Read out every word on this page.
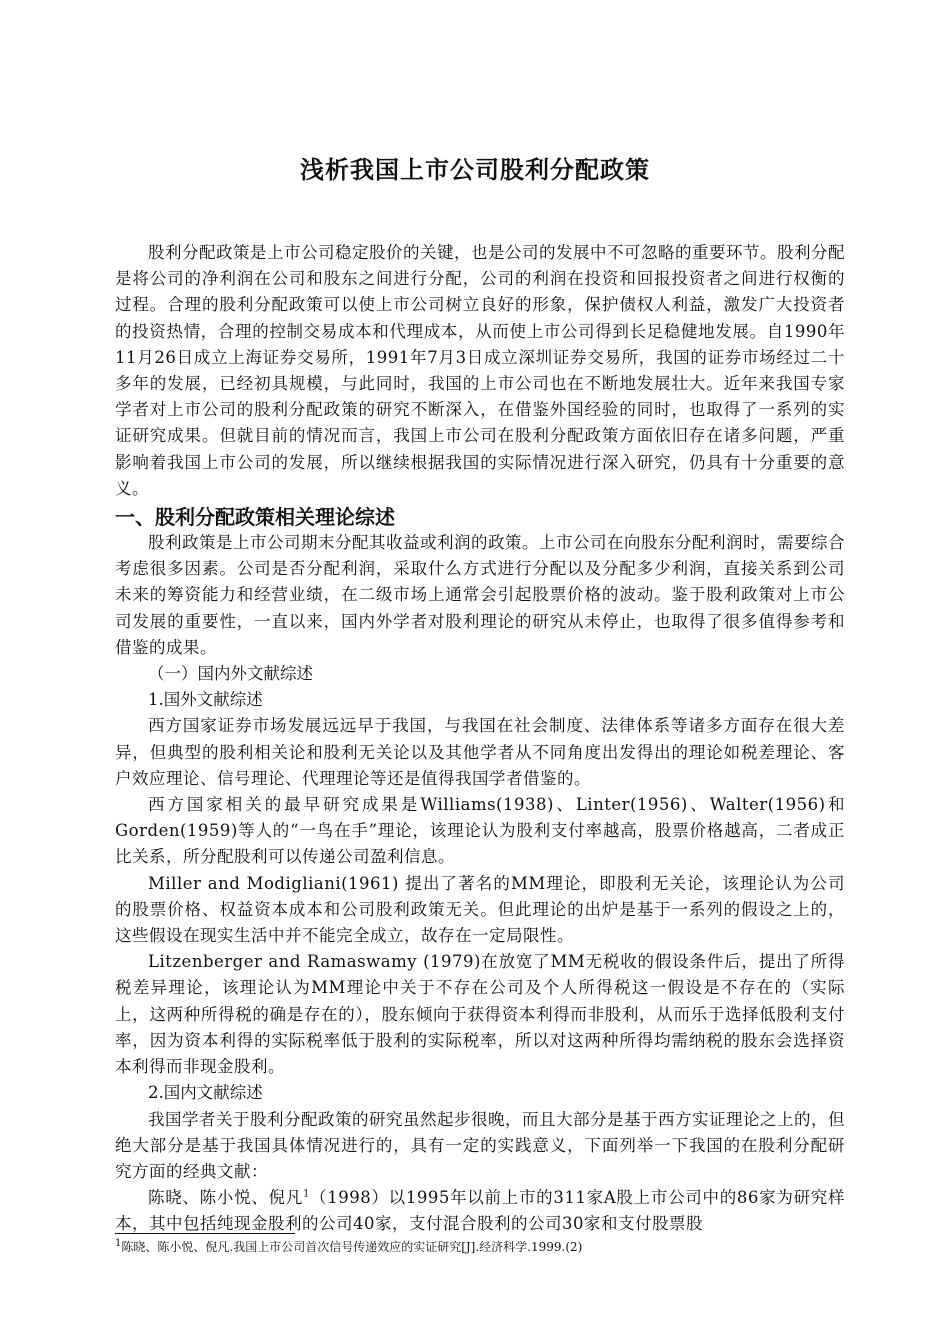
浅析我国上市公司股利分配政策

股利分配政策是上市公司稳定股价的关键，也是公司的发展中不可忽略的重要环节。股利分配是将公司的净利润在公司和股东之间进行分配，公司的利润在投资和回报投资者之间进行权衡的过程。合理的股利分配政策可以使上市公司树立良好的形象，保护债权人利益，激发广大投资者的投资热情，合理的控制交易成本和代理成本，从而使上市公司得到长足稳健地发展。自1990年11月26日成立上海证券交易所，1991年7月3日成立深圳证券交易所，我国的证券市场经过二十多年的发展，已经初具规模，与此同时，我国的上市公司也在不断地发展壮大。近年来我国专家学者对上市公司的股利分配政策的研究不断深入，在借鉴外国经验的同时，也取得了一系列的实证研究成果。但就目前的情况而言，我国上市公司在股利分配政策方面依旧存在诸多问题，严重影响着我国上市公司的发展，所以继续根据我国的实际情况进行深入研究，仍具有十分重要的意义。

一、股利分配政策相关理论综述

股利政策是上市公司期末分配其收益或利润的政策。上市公司在向股东分配利润时，需要综合考虑很多因素。公司是否分配利润，采取什么方式进行分配以及分配多少利润，直接关系到公司未来的筹资能力和经营业绩，在二级市场上通常会引起股票价格的波动。鉴于股利政策对上市公司发展的重要性，一直以来，国内外学者对股利理论的研究从未停止，也取得了很多值得参考和借鉴的成果。

（一）国内外文献综述
1.国外文献综述

西方国家证券市场发展远远早于我国，与我国在社会制度、法律体系等诸多方面存在很大差异，但典型的股利相关论和股利无关论以及其他学者从不同角度出发得出的理论如税差理论、客户效应理论、信号理论、代理理论等还是值得我国学者借鉴的。

西方国家相关的最早研究成果是Williams(1938)、Linter(1956)、Walter(1956)和Gorden(1959)等人的“一鸟在手”理论，该理论认为股利支付率越高，股票价格越高，二者成正比关系，所分配股利可以传递公司盈利信息。

Miller and Modigliani(1961) 提出了著名的MM理论，即股利无关论，该理论认为公司的股票价格、权益资本成本和公司股利政策无关。但此理论的出炉是基于一系列的假设之上的，这些假设在现实生活中并不能完全成立，故存在一定局限性。

Litzenberger and Ramaswamy (1979)在放宽了MM无税收的假设条件后，提出了所得税差异理论，该理论认为MM理论中关于不存在公司及个人所得税这一假设是不存在的（实际上，这两种所得税的确是存在的），股东倾向于获得资本利得而非股利，从而乐于选择低股利支付率，因为资本利得的实际税率低于股利的实际税率，所以对这两种所得均需纳税的股东会选择资本利得而非现金股利。

2.国内文献综述

我国学者关于股利分配政策的研究虽然起步很晚，而且大部分是基于西方实证理论之上的，但绝大部分是基于我国具体情况进行的，具有一定的实践意义，下面列举一下我国的在股利分配研究方面的经典文献：

陈晓、陈小悦、倪凡$^1$（1998）以1995年以前上市的311家A股上市公司中的86家为研究样本，其中包括纯现金股利的公司40家，支付混合股利的公司30家和支付股票股

$^1$陈晓、陈小悦、倪凡.我国上市公司首次信号传递效应的实证研究[J].经济科学.1999.(2)
